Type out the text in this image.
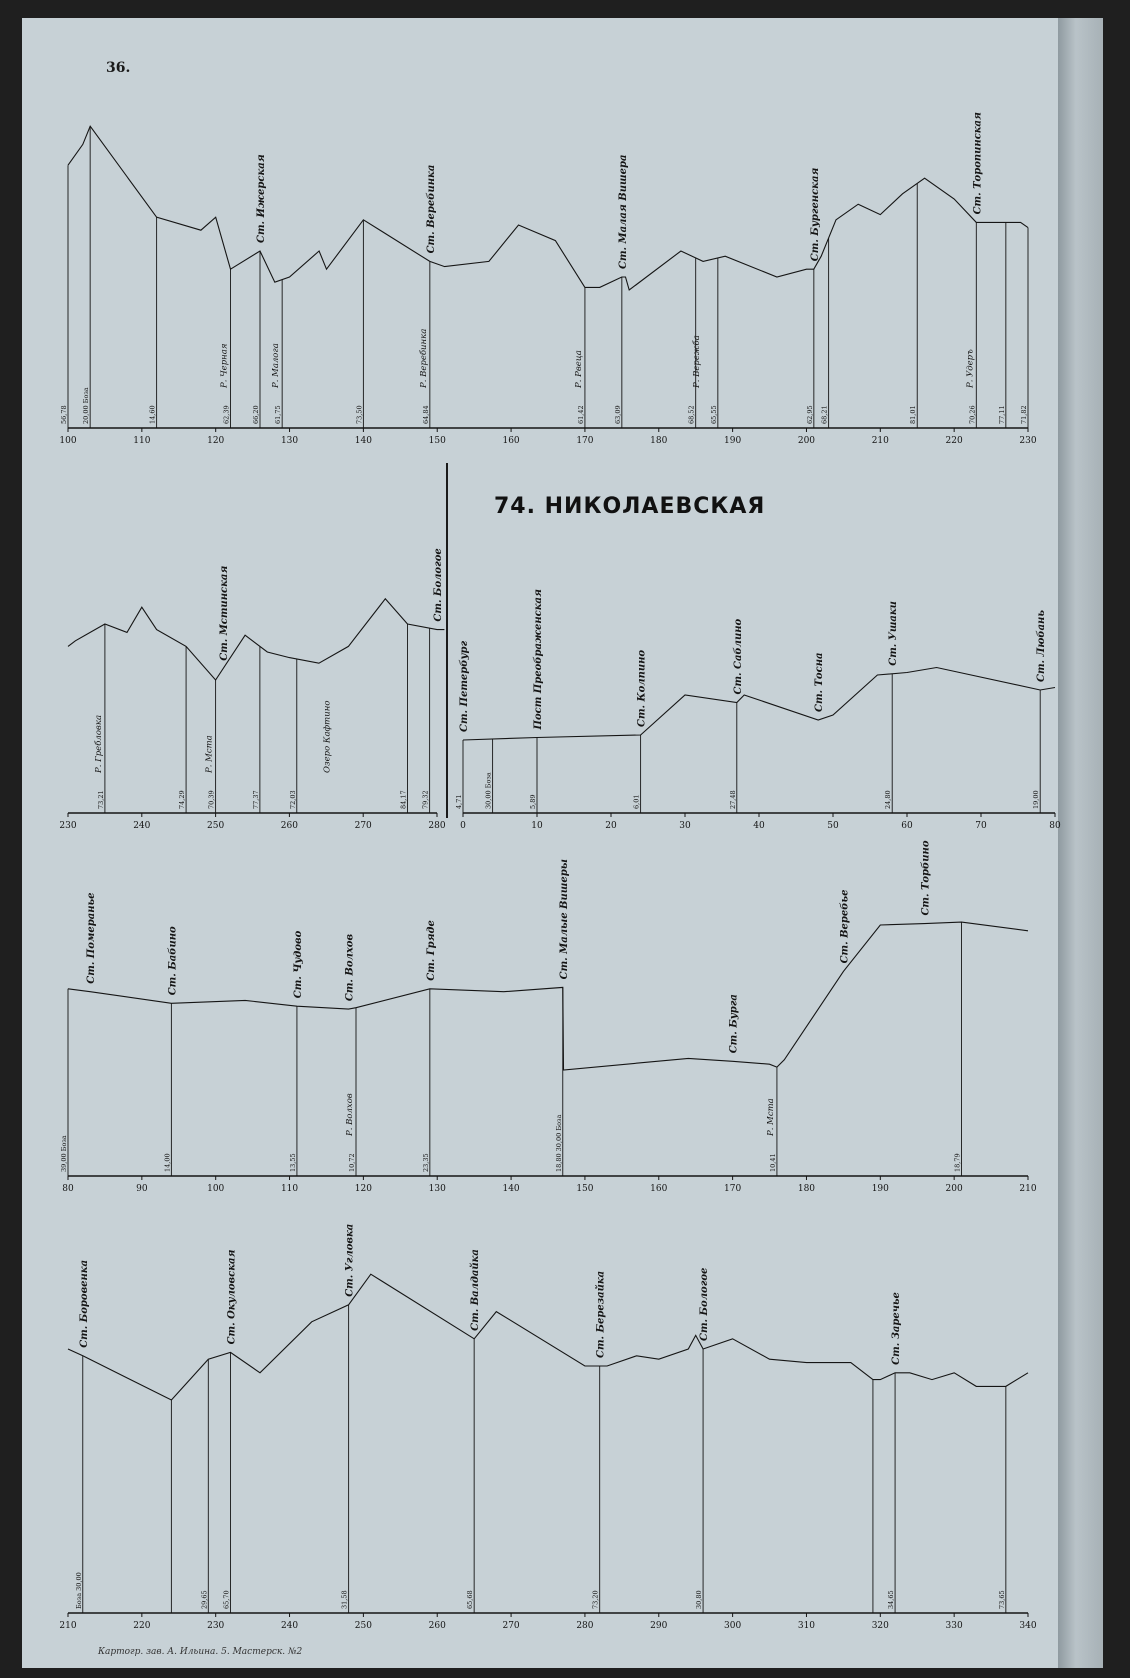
36.
74. НИКОЛАЕВСКАЯ
Картогр. зав. А. Ильина. 5. Мастерск. №2
100	110	120	130	140	150	160	170	180	190	200	210	220	230
56,78 20,00 Боза	14,60	62,39	66,20 61,75	73,50	64,84	61,42	63,09	68,52 65,55	62,95 68,21	81,01	70,26	77,11 71,82
Ст. Ижерская	Ст. Веребинка	Ст. Малая Вишера	Ст. Бургенская
Ст. Торопинская
Р. Черная	Р. Малога	Р. Веребинка	Р. Рвеца	Р. Вережба	Р. Удеръ
230	240	250	260	270	280
73,21	74,29	70,39	77,37	72,03	84,17 79,32
Ст. Мстинская	Ст. Бологое
Р. Гребловка	Р. Мста	Озеро Кафтино
0	10	20	30	40	50	60	70	80
4,71	30,00 Боза	5,89	6,01	27,48	24,80	19,00
Ст. Петербург	Пост Преображенская	Ст. Колпино	Ст. Саблино	Ст. Тосна
Ст. Ушаки	Ст. Любань
80	90	100	110	120	130	140	150	160	170	180	190	200	210
39,00 Боза	14,00	13,55	10,72	23,35	18,80 30,00 Боза	10,41	18,79
Ст. Померанье	Ст. Бабино	Ст. Чудово	Ст. Волхов	Ст. Гряде	Ст. Малые Вишеры
Ст. Бурга
Ст. Веребье
Ст. Торбино
Р. Волхов	Р. Мста
210	220	230	240	250	260	270	280	290	300	310	320	330	340
Боза 30,00	29,65 65,70	31,58	65,68	73,20	30,80	34,65	73,65
Ст. Боровенка	Ст. Окуловская	Ст. Угловка	Ст. Валдайка	Ст. Березайка	Ст. Бологое	Ст. Заречье
